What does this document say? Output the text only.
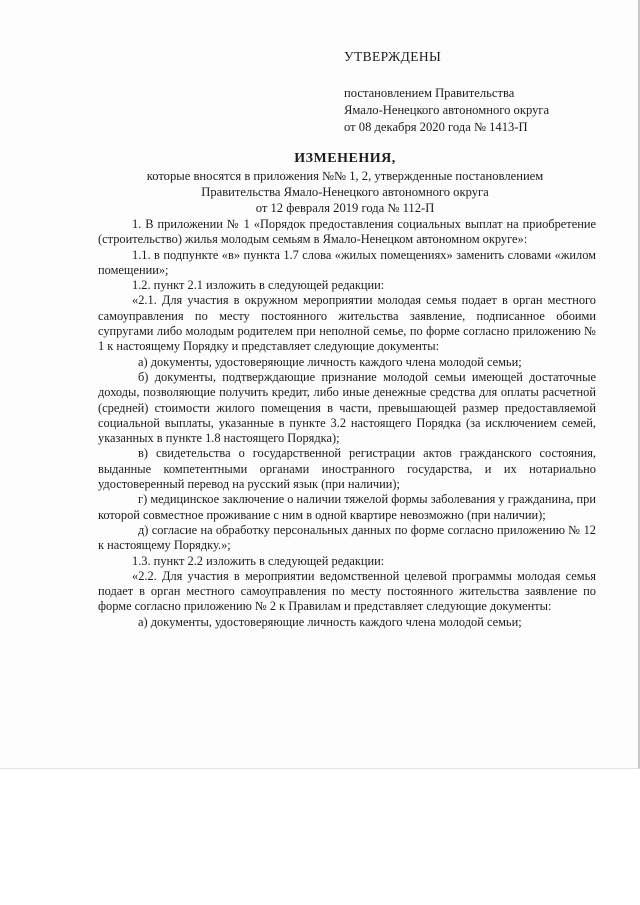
УТВЕРЖДЕНЫ
постановлением Правительства
Ямало-Ненецкого автономного округа
от 08 декабря 2020 года № 1413-П
ИЗМЕНЕНИЯ,
которые вносятся в приложения №№ 1, 2, утвержденные постановлением
Правительства Ямало-Ненецкого автономного округа
от 12 февраля 2019 года № 112-П

1. В приложении № 1 «Порядок предоставления социальных выплат на приобретение (строительство) жилья молодым семьям в Ямало-Ненецком автономном округе»:

1.1. в подпункте «в» пункта 1.7 слова «жилых помещениях» заменить словами «жилом помещении»;

1.2. пункт 2.1 изложить в следующей редакции:

«2.1. Для участия в окружном мероприятии молодая семья подает в орган местного самоуправления по месту постоянного жительства заявление, подписанное обоими супругами либо молодым родителем при неполной семье, по форме согласно приложению № 1 к настоящему Порядку и представляет следующие документы:

а) документы, удостоверяющие личность каждого члена молодой семьи;

б) документы, подтверждающие признание молодой семьи имеющей достаточные доходы, позволяющие получить кредит, либо иные денежные средства для оплаты расчетной (средней) стоимости жилого помещения в части, превышающей размер предоставляемой социальной выплаты, указанные в пункте 3.2 настоящего Порядка (за исключением семей, указанных в пункте 1.8 настоящего Порядка);

в) свидетельства о государственной регистрации актов гражданского состояния, выданные компетентными органами иностранного государства, и их нотариально удостоверенный перевод на русский язык (при наличии);

г) медицинское заключение о наличии тяжелой формы заболевания у гражданина, при которой совместное проживание с ним в одной квартире невозможно (при наличии);

д) согласие на обработку персональных данных по форме согласно приложению № 12 к настоящему Порядку.»;

1.3. пункт 2.2 изложить в следующей редакции:

«2.2. Для участия в мероприятии ведомственной целевой программы молодая семья подает в орган местного самоуправления по месту постоянного жительства заявление по форме согласно приложению № 2 к Правилам и представляет следующие документы:

а) документы, удостоверяющие личность каждого члена молодой семьи;
